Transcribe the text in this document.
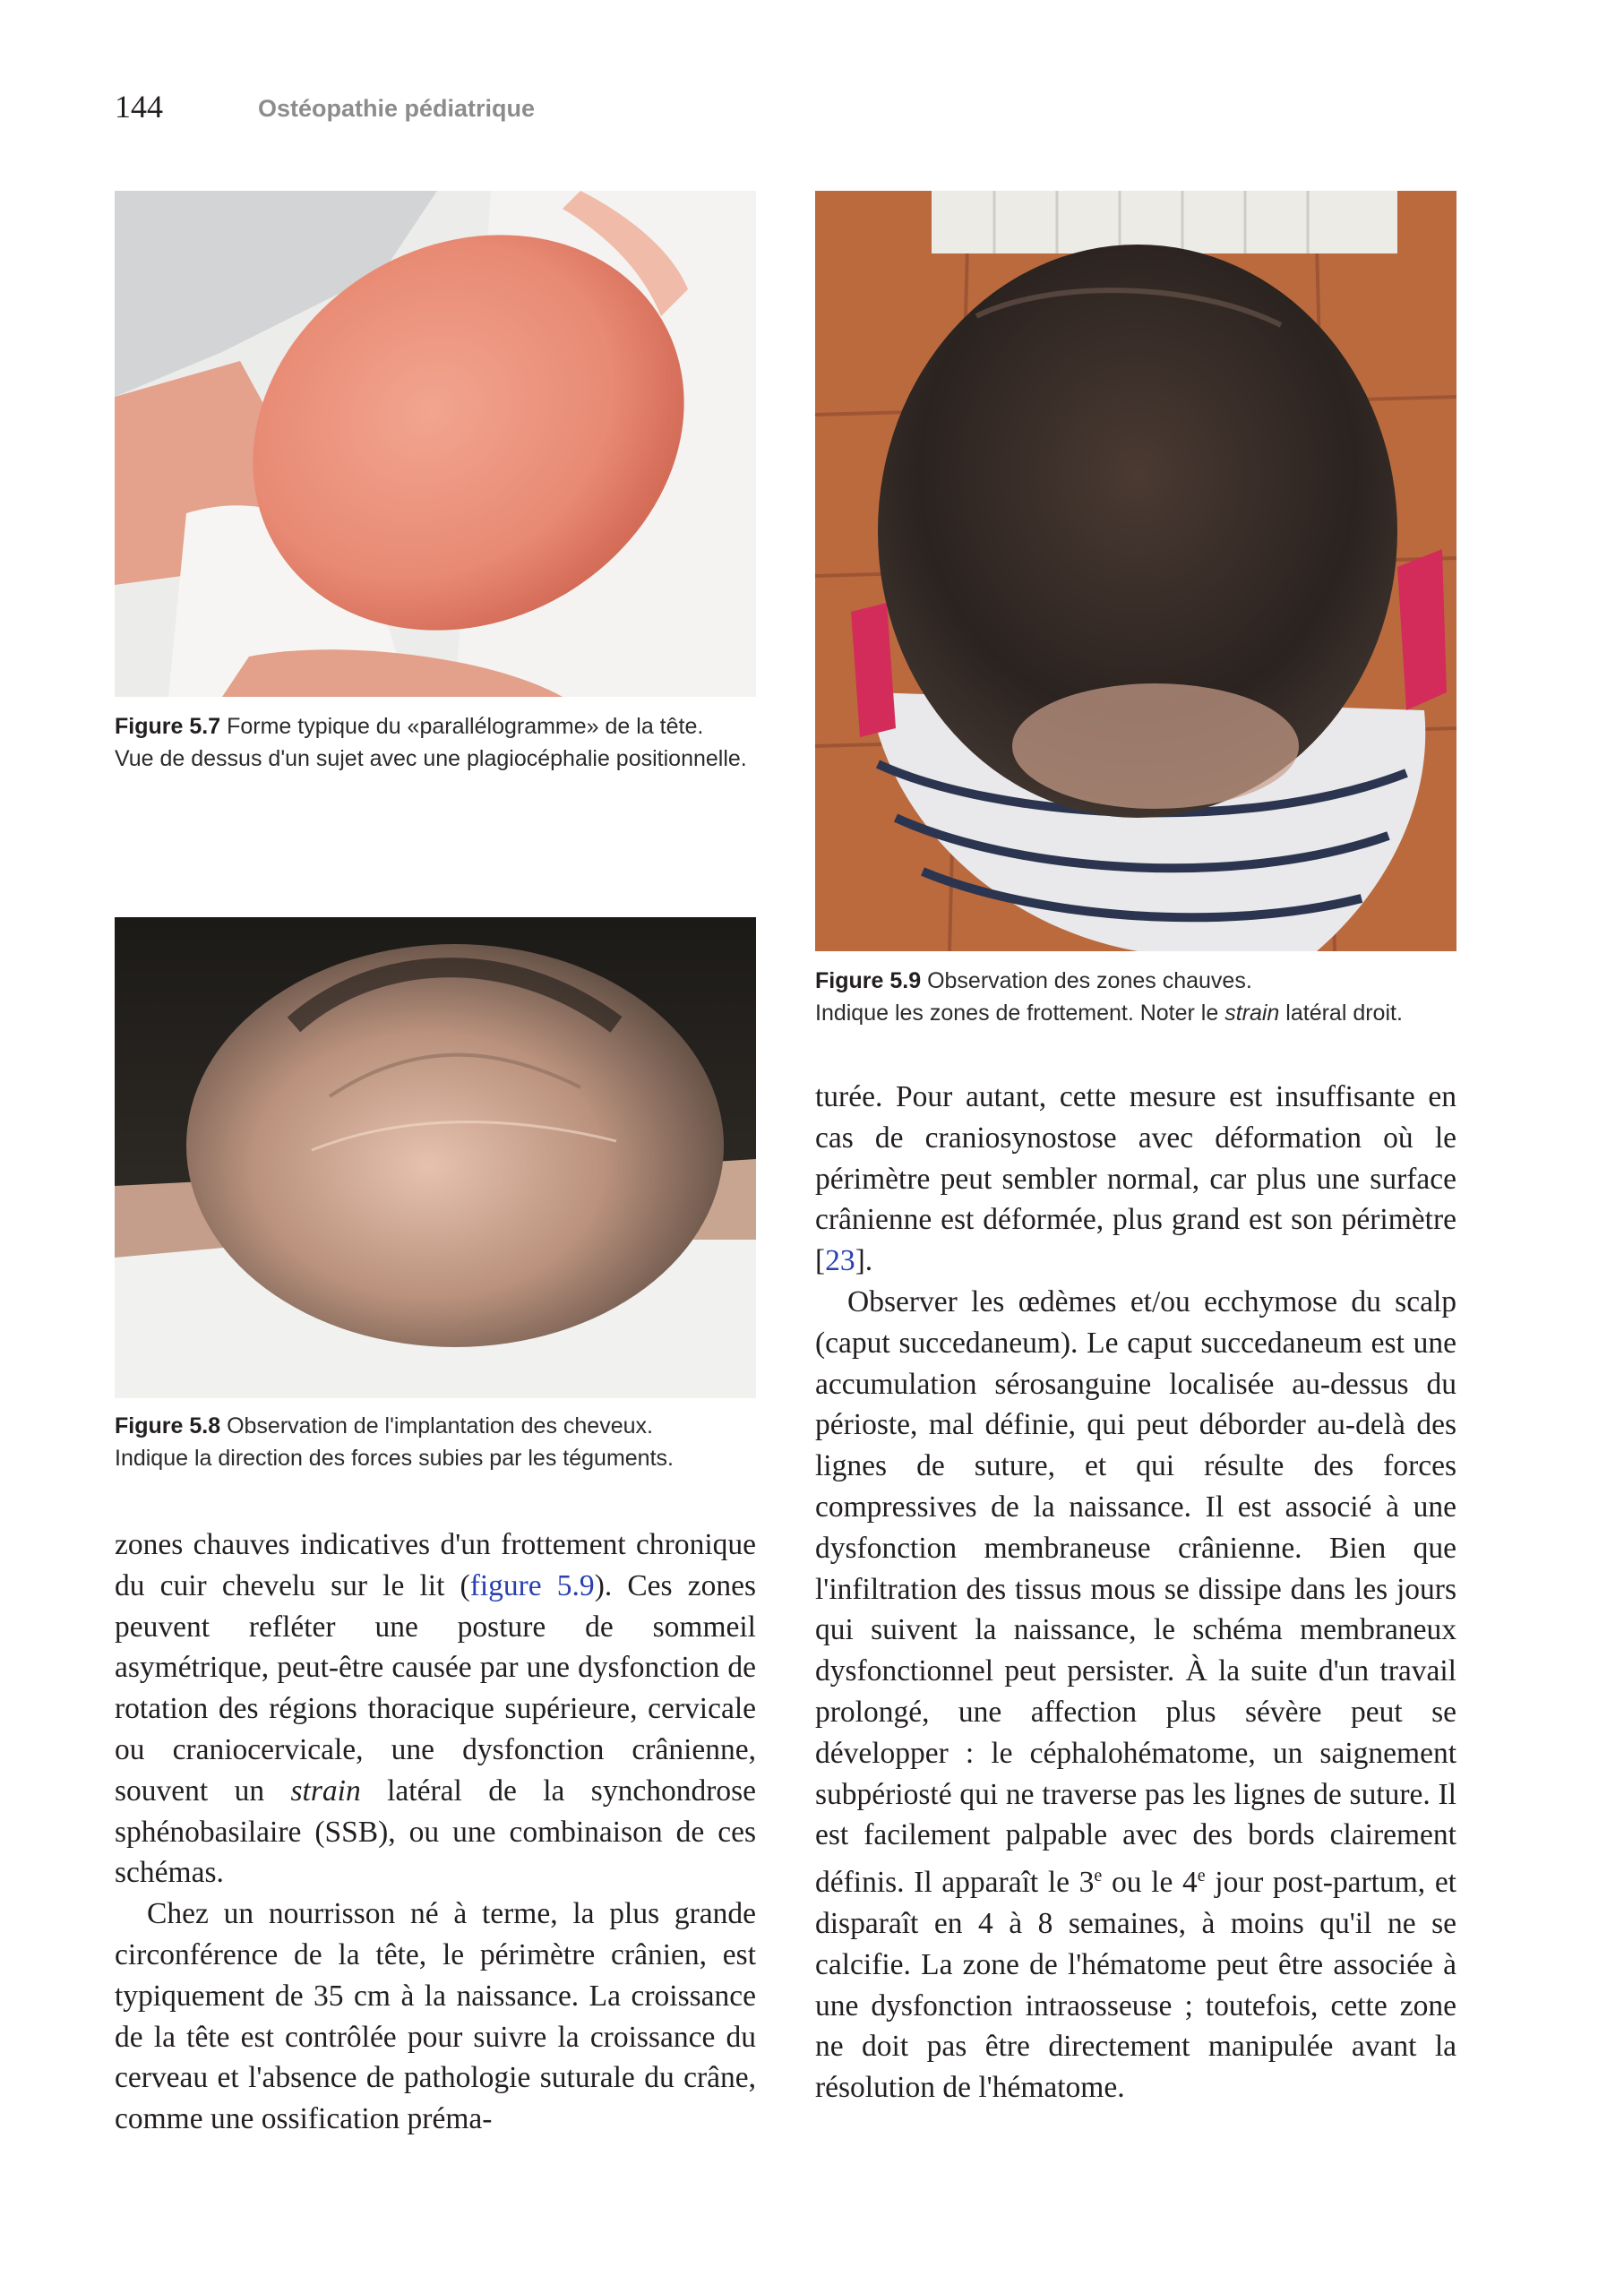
144	Ostéopathie pédiatrique

Figure 5.7 Forme typique du «parallélogramme» de la tête.

Vue de dessus d'un sujet avec une plagiocéphalie positionnelle.

Figure 5.8 Observation de l'implantation des cheveux.

Indique la direction des forces subies par les téguments.

Figure 5.9 Observation des zones chauves.

Indique les zones de frottement. Noter le strain latéral droit.

zones chauves indicatives d'un frottement chronique du cuir chevelu sur le lit (figure 5.9). Ces zones peuvent refléter une posture de sommeil asymétrique, peut-être causée par une dysfonction de rotation des régions thoracique supérieure, cervicale ou craniocervicale, une dysfonction crânienne, souvent un strain latéral de la synchondrose sphénobasilaire (SSB), ou une combinaison de ces schémas.

Chez un nourrisson né à terme, la plus grande circonférence de la tête, le périmètre crânien, est typiquement de 35 cm à la naissance. La croissance de la tête est contrôlée pour suivre la croissance du cerveau et l'absence de pathologie suturale du crâne, comme une ossification préma-

turée. Pour autant, cette mesure est insuffisante en cas de craniosynostose avec déformation où le périmètre peut sembler normal, car plus une surface crânienne est déformée, plus grand est son périmètre [23].

Observer les œdèmes et/ou ecchymose du scalp (caput succedaneum). Le caput succedaneum est une accumulation sérosanguine localisée au-dessus du périoste, mal définie, qui peut déborder au-delà des lignes de suture, et qui résulte des forces compressives de la naissance. Il est associé à une dysfonction membraneuse crânienne. Bien que l'infiltration des tissus mous se dissipe dans les jours qui suivent la naissance, le schéma membraneux dysfonctionnel peut persister. À la suite d'un travail prolongé, une affection plus sévère peut se développer : le céphalohématome, un saignement subpériosté qui ne traverse pas les lignes de suture. Il est facilement palpable avec des bords clairement définis. Il apparaît le 3e ou le 4e jour post-partum, et disparaît en 4 à 8 semaines, à moins qu'il ne se calcifie. La zone de l'hématome peut être associée à une dysfonction intraosseuse ; toutefois, cette zone ne doit pas être directement manipulée avant la résolution de l'hématome.
